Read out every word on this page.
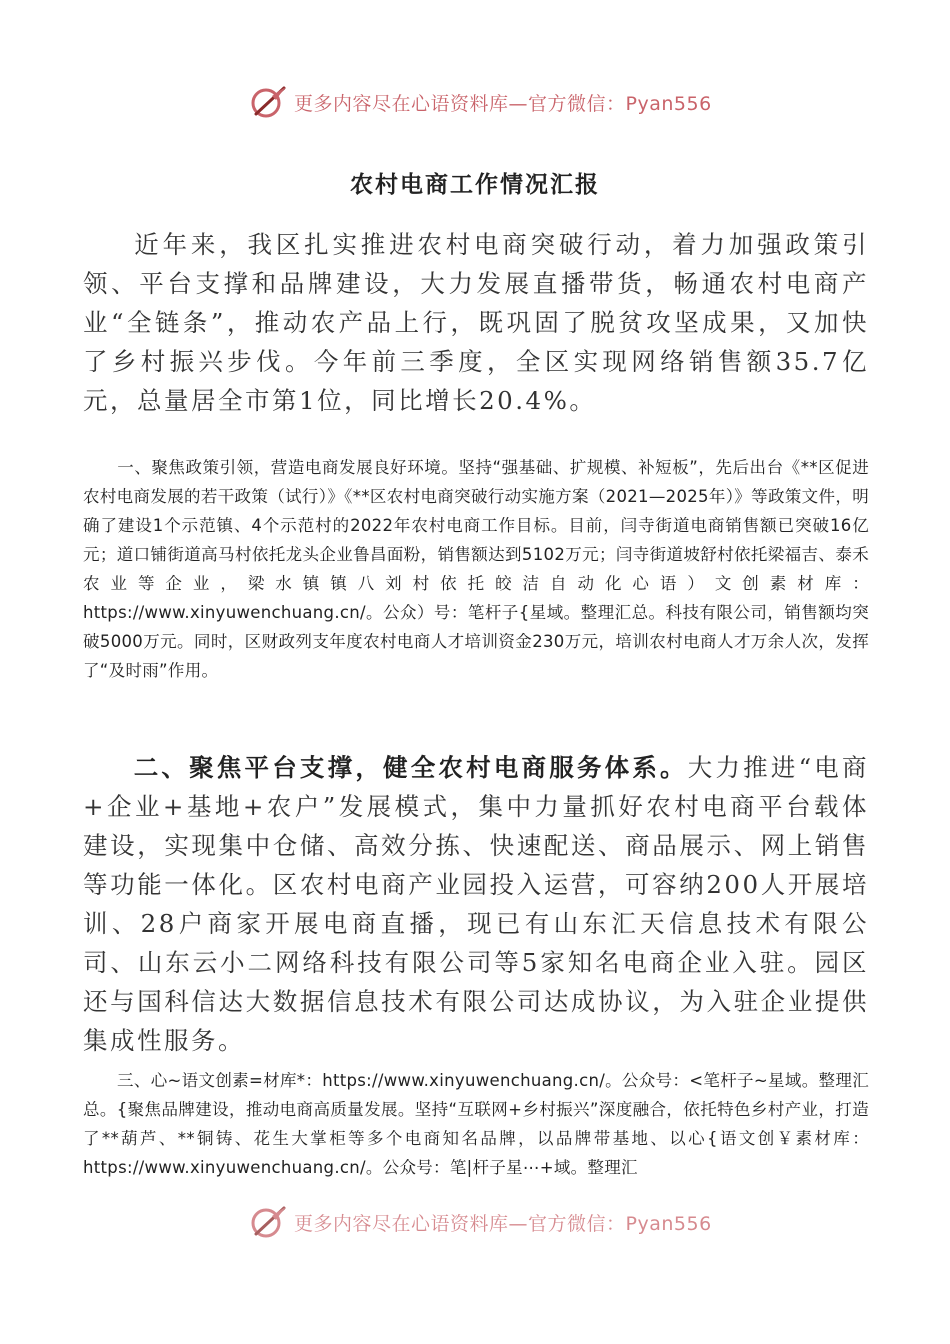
更多内容尽在心语资料库—官方微信：Pyan556
农村电商工作情况汇报
近年来，我区扎实推进农村电商突破行动，着力加强政策引领、平台支撑和品牌建设，大力发展直播带货，畅通农村电商产业“全链条”，推动农产品上行，既巩固了脱贫攻坚成果，又加快了乡村振兴步伐。今年前三季度，全区实现网络销售额35.7亿元，总量居全市第1位，同比增长20.4%。
一、聚焦政策引领，营造电商发展良好环境。坚持“强基础、扩规模、补短板”，先后出台《**区促进农村电商发展的若干政策（试行）》《**区农村电商突破行动实施方案（2021—2025年）》等政策文件，明确了建设1个示范镇、4个示范村的2022年农村电商工作目标。目前，闫寺街道电商销售额已突破16亿元；道口铺街道高马村依托龙头企业鲁昌面粉，销售额达到5102万元；闫寺街道坡舒村依托梁福吉、泰禾农业等企业，梁水镇镇八刘村依托皎洁自动化心语）文创素材库：https://www.xinyuwenchuang.cn/。公众）号：笔杆子{星域。整理汇总。科技有限公司，销售额均突破5000万元。同时，区财政列支年度农村电商人才培训资金230万元，培训农村电商人才万余人次，发挥了“及时雨”作用。
二、聚焦平台支撑，健全农村电商服务体系。大力推进“电商+企业+基地+农户”发展模式，集中力量抓好农村电商平台载体建设，实现集中仓储、高效分拣、快速配送、商品展示、网上销售等功能一体化。区农村电商产业园投入运营，可容纳200人开展培训、28户商家开展电商直播，现已有山东汇天信息技术有限公司、山东云小二网络科技有限公司等5家知名电商企业入驻。园区还与国科信达大数据信息技术有限公司达成协议，为入驻企业提供集成性服务。
三、心~语文创素=材库*：https://www.xinyuwenchuang.cn/。公众号：<笔杆子~星域。整理汇总。{聚焦品牌建设，推动电商高质量发展。坚持“互联网+乡村振兴”深度融合，依托特色乡村产业，打造了**葫芦、**铜铸、花生大掌柜等多个电商知名品牌，以品牌带基地、以心{语文创￥素材库：https://www.xinyuwenchuang.cn/。公众号：笔|杆子星⋯+域。整理汇
更多内容尽在心语资料库—官方微信：Pyan556
